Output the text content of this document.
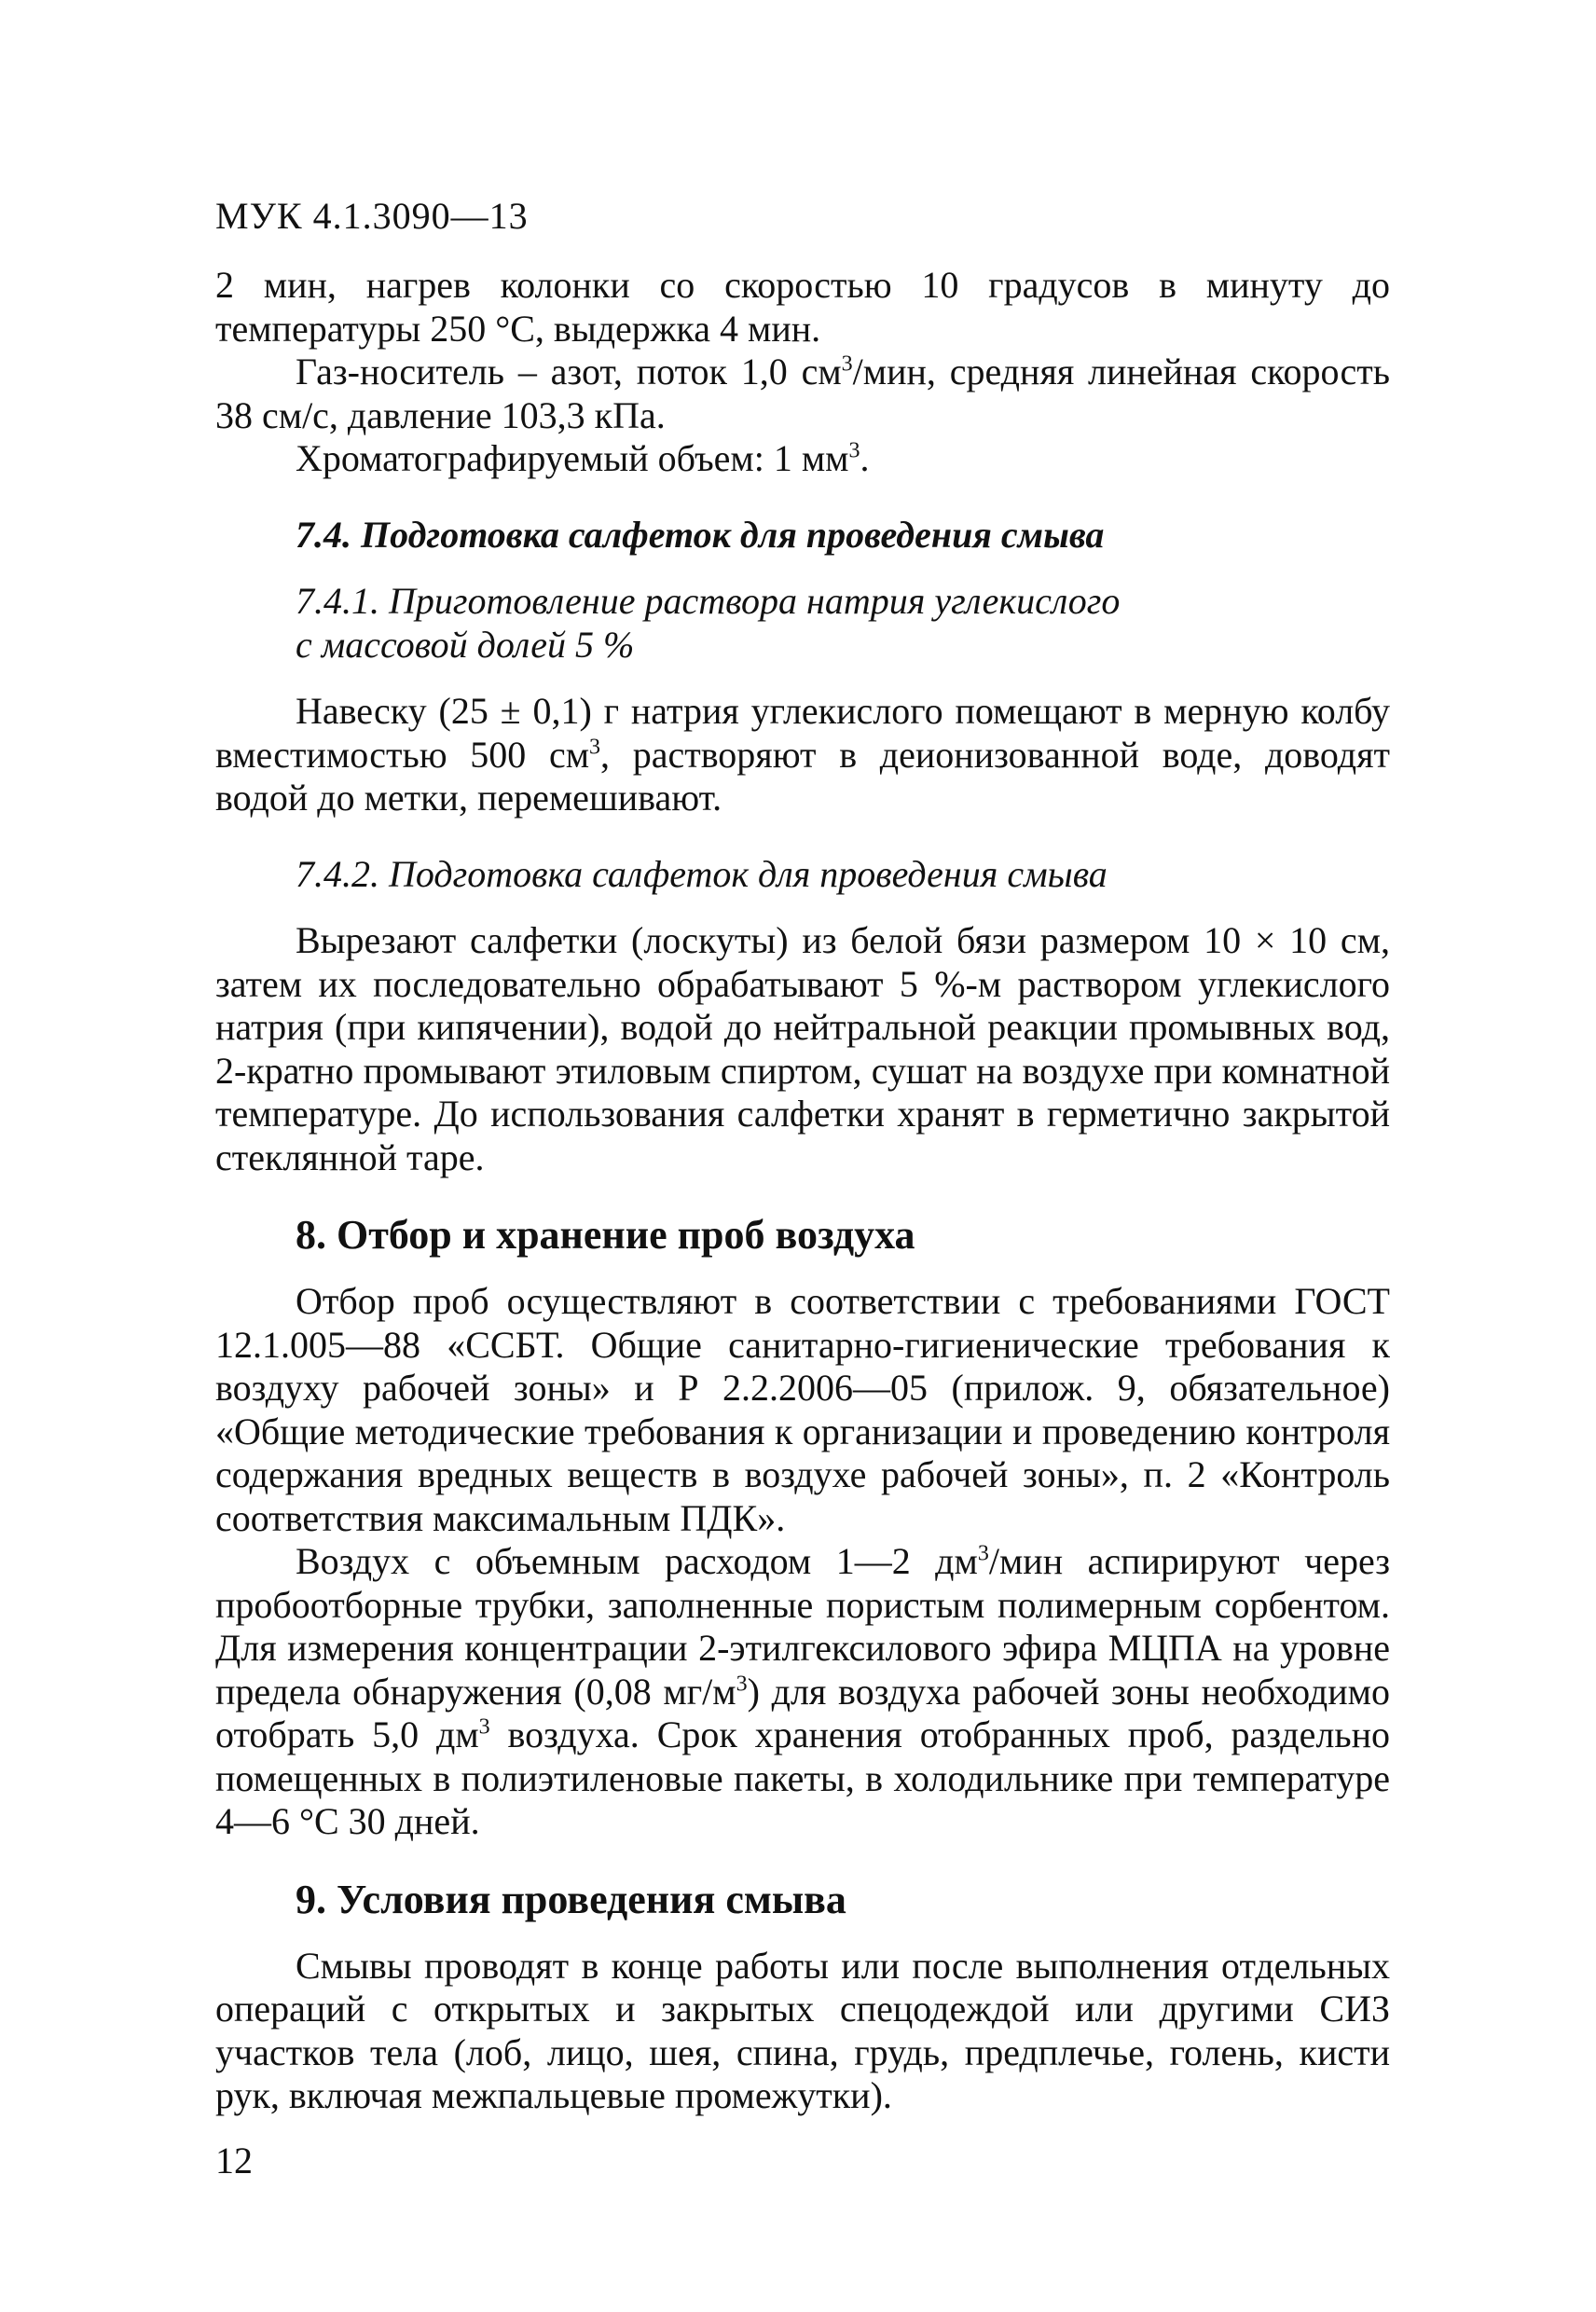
МУК 4.1.3090—13

2 мин, нагрев колонки со скоростью 10 градусов в минуту до температуры 250 °С, выдержка 4 мин.

Газ-носитель – азот, поток 1,0 $см^3$/мин, средняя линейная скорость 38 см/с, давление 103,3 кПа.

Хроматографируемый объем: 1 $мм^3$.

7.4. Подготовка салфеток для проведения смыва

7.4.1. Приготовление раствора натрия углекислого

с массовой долей 5 %

Навеску (25 ± 0,1) г натрия углекислого помещают в мерную колбу вместимостью 500 $см^3$, растворяют в деионизованной воде, доводят водой до метки, перемешивают.

7.4.2. Подготовка салфеток для проведения смыва

Вырезают салфетки (лоскуты) из белой бязи размером 10 × 10 см, затем их последовательно обрабатывают 5 %-м раствором углекислого натрия (при кипячении), водой до нейтральной реакции промывных вод, 2-кратно промывают этиловым спиртом, сушат на воздухе при комнатной температуре. До использования салфетки хранят в герметично закрытой стеклянной таре.

8. Отбор и хранение проб воздуха

Отбор проб осуществляют в соответствии с требованиями ГОСТ 12.1.005—88 «ССБТ. Общие санитарно-гигиенические требования к воздуху рабочей зоны» и Р 2.2.2006—05 (прилож. 9, обязательное) «Общие методические требования к организации и проведению контроля содержания вредных веществ в воздухе рабочей зоны», п. 2 «Контроль соответствия максимальным ПДК».

Воздух с объемным расходом 1—2 $дм^3$/мин аспирируют через пробоотборные трубки, заполненные пористым полимерным сорбентом. Для измерения концентрации 2-этилгексилового эфира МЦПА на уровне предела обнаружения (0,08 $мг/м^3$) для воздуха рабочей зоны необходимо отобрать 5,0 $дм^3$ воздуха. Срок хранения отобранных проб, раздельно помещенных в полиэтиленовые пакеты, в холодильнике при температуре 4—6 °С 30 дней.

9. Условия проведения смыва

Смывы проводят в конце работы или после выполнения отдельных операций с открытых и закрытых спецодеждой или другими СИЗ участков тела (лоб, лицо, шея, спина, грудь, предплечье, голень, кисти рук, включая межпальцевые промежутки).

12
